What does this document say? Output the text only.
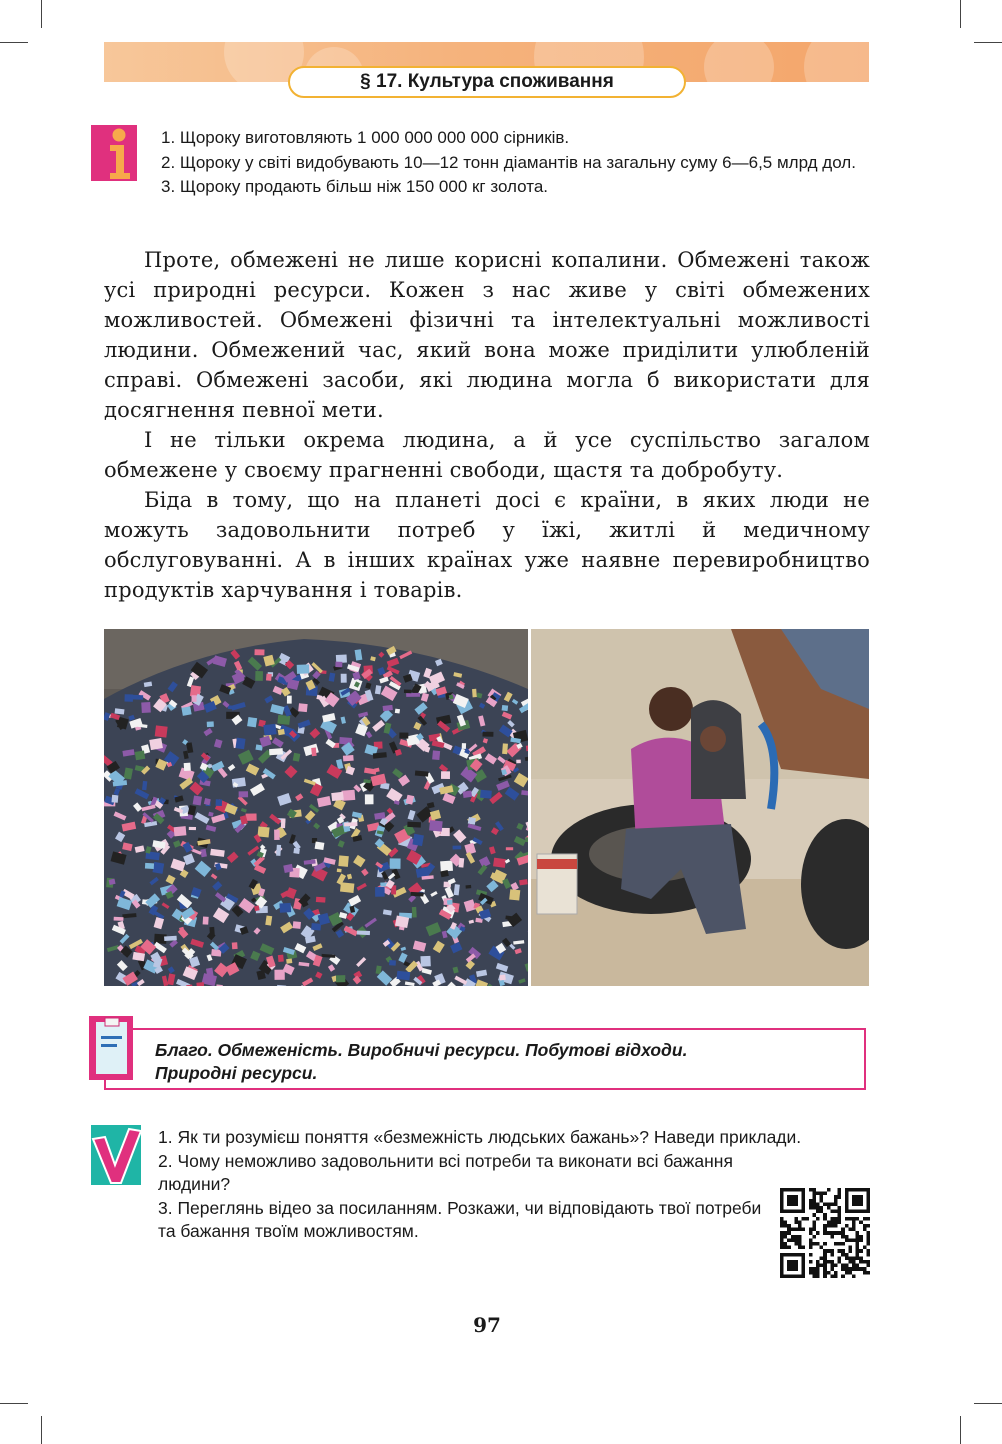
§ 17. Культура споживання
1. Щороку виготовляють 1 000 000 000 000 сірників.
2. Щороку у світі видобувають 10—12 тонн діамантів на загальну суму 6—6,5 млрд дол.
3. Щороку продають більш ніж 150 000 кг золота.

Проте, обмежені не лише корисні копалини. Обмежені також усі природні ресурси. Кожен з нас живе у світі обмежених можливостей. Обмежені фізичні та інтелектуальні можливості людини. Обмежений час, який вона може приділити улюбленій справі. Обмежені засоби, які людина могла б використати для досягнення певної мети.

І не тільки окрема людина, а й усе суспільство загалом обмежене у своєму прагненні свободи, щастя та добробуту.

Біда в тому, що на планеті досі є країни, в яких люди не можуть задовольнити потреб у їжі, житлі й медичному обслуговуванні. А в інших країнах уже наявне перевиробництво продуктів харчування і товарів.

Благо. Обмеженість. Виробничі ресурси. Побутові відходи.
Природні ресурси.
1. Як ти розумієш поняття «безмежність людських бажань»? Наведи приклади.
2. Чому неможливо задовольнити всі потреби та виконати всі бажання людини?
3. Переглянь відео за посиланням. Розкажи, чи відповідають твої потреби та бажання твоїм можливостям.
97
